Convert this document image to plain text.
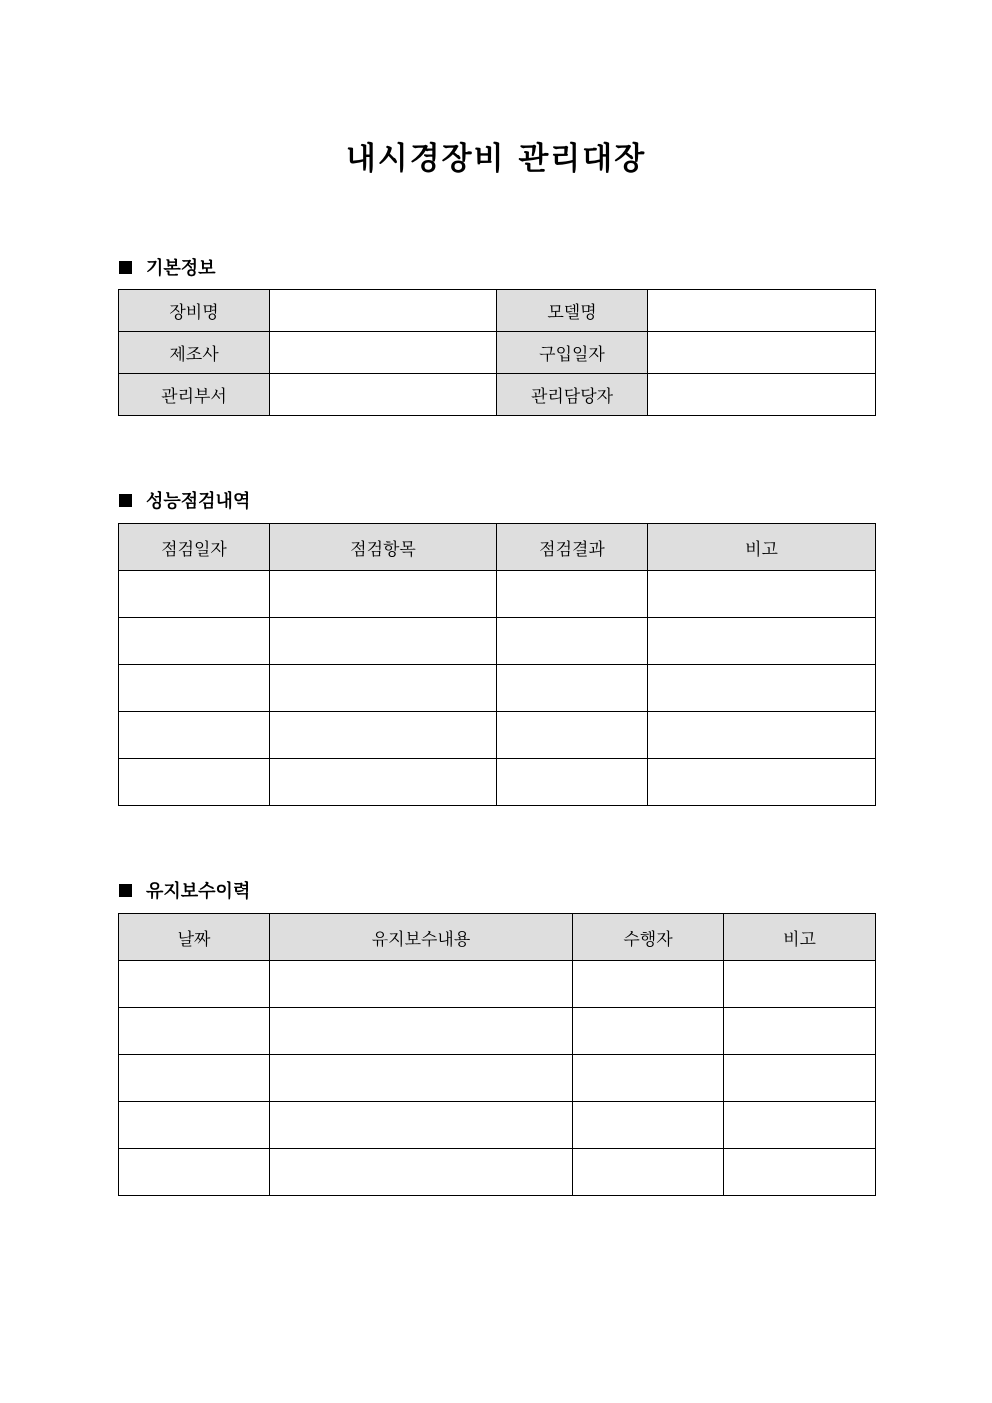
내시경장비 관리대장
기본정보
장비명		모델명	
제조사		구입일자	
관리부서		관리담당자	
성능점검내역
점검일자	점검항목	점검결과	비고

유지보수이력
날짜	유지보수내용	수행자	비고
